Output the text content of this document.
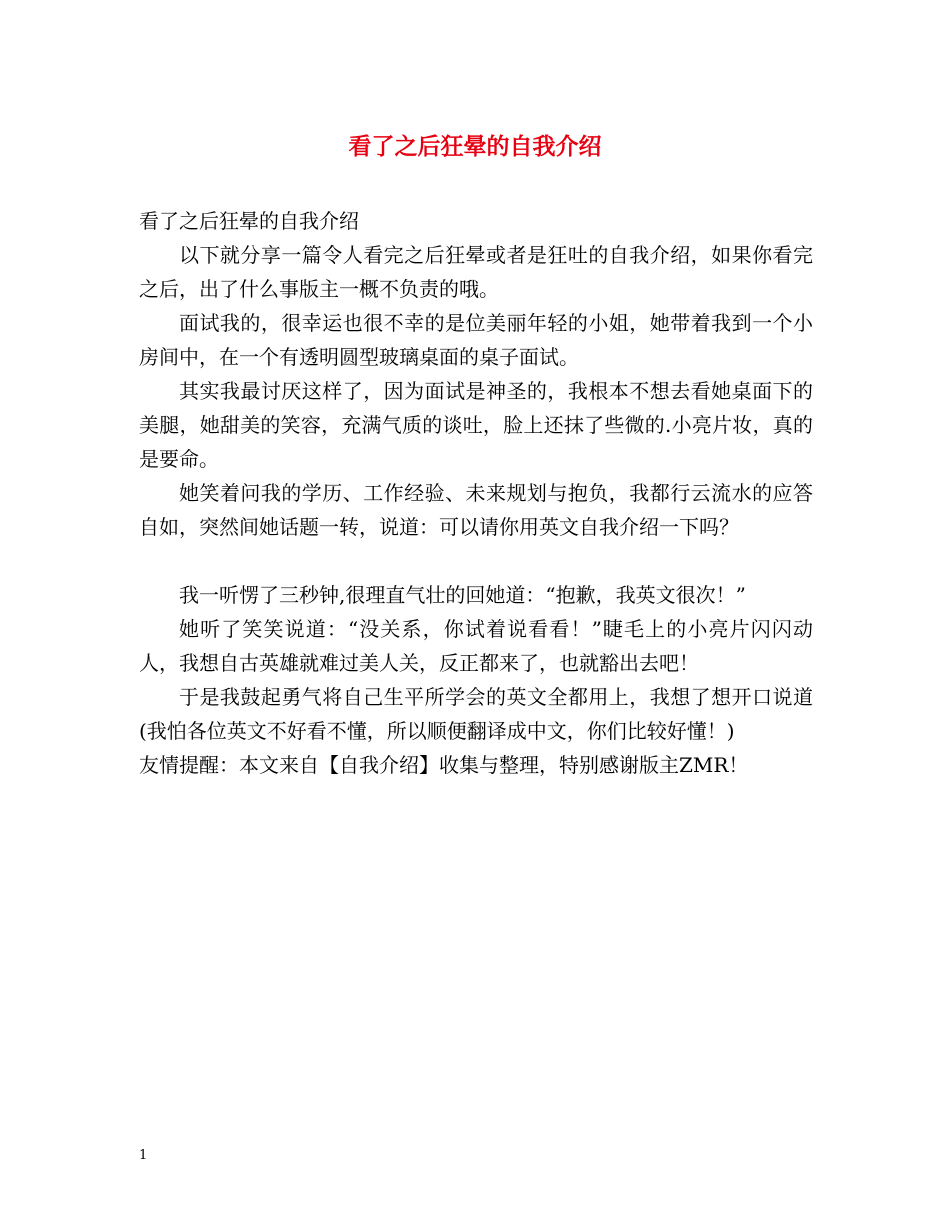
看了之后狂晕的自我介绍

看了之后狂晕的自我介绍

以下就分享一篇令人看完之后狂晕或者是狂吐的自我介绍，如果你看完之后，出了什么事版主一概不负责的哦。

面试我的，很幸运也很不幸的是位美丽年轻的小姐，她带着我到一个小房间中，在一个有透明圆型玻璃桌面的桌子面试。

其实我最讨厌这样了，因为面试是神圣的，我根本不想去看她桌面下的美腿，她甜美的笑容，充满气质的谈吐，脸上还抹了些微的.小亮片妆，真的是要命。

她笑着问我的学历、工作经验、未来规划与抱负，我都行云流水的应答自如，突然间她话题一转，说道：可以请你用英文自我介绍一下吗？

我一听愣了三秒钟,很理直气壮的回她道：“抱歉，我英文很次！”

她听了笑笑说道：“没关系，你试着说看看！”睫毛上的小亮片闪闪动人，我想自古英雄就难过美人关，反正都来了，也就豁出去吧！

于是我鼓起勇气将自己生平所学会的英文全都用上，我想了想开口说道(我怕各位英文不好看不懂，所以顺便翻译成中文，你们比较好懂！)

友情提醒：本文来自【自我介绍】收集与整理，特别感谢版主ZMR！

1
